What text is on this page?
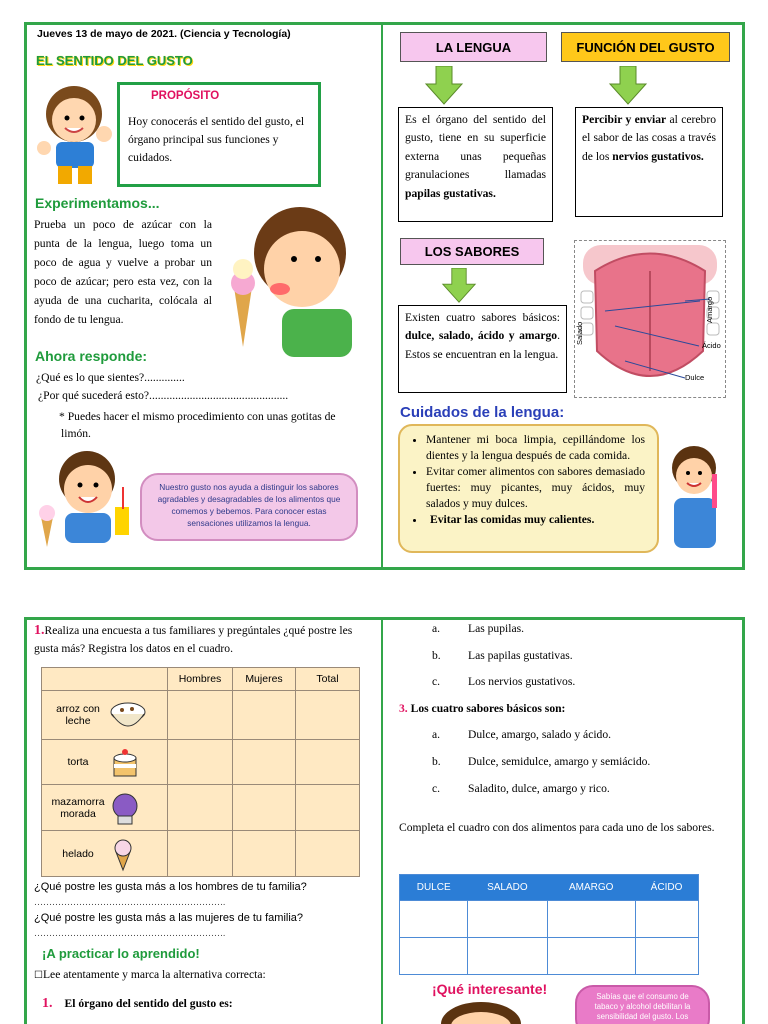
Jueves 13 de mayo de 2021. (Ciencia y Tecnología)
EL SENTIDO DEL GUSTO
PROPÓSITO
Hoy conocerás el sentido del gusto, el órgano principal sus funciones y cuidados.
Experimentamos...
Prueba un poco de azúcar con la punta de la lengua, luego toma un poco de agua y vuelve a probar un poco de azúcar; pero esta vez, con la ayuda de una cucharita, colócala al fondo de tu lengua.
Ahora responde:
¿Qué es lo que sientes?..............
¿Por qué sucederá esto?................................................
* Puedes hacer el mismo procedimiento con unas gotitas de limón.
Nuestro gusto nos ayuda a distinguir los sabores agradables y desagradables de los alimentos que comemos y bebemos. Para conocer estas sensaciones utilizamos la lengua.
LA LENGUA	FUNCIÓN DEL GUSTO
Es el órgano del sentido del gusto, tiene en su superficie externa unas pequeñas granulaciones llamadas papilas gustativas.
Percibir y enviar al cerebro el sabor de las cosas a través de los nervios gustativos.
LOS SABORES
Existen cuatro sabores básicos: dulce, salado, ácido y amargo. Estos se encuentran en la lengua.
Salado
Amargo
Ácido
Dulce
Cuidados de la lengua:
• Mantener mi boca limpia, cepillándome los dientes y la lengua después de cada comida.
• Evitar comer alimentos con sabores demasiado fuertes: muy picantes, muy ácidos, muy salados y muy dulces.
• Evitar las comidas muy calientes.
1.Realiza una encuesta a tus familiares y pregúntales ¿qué postre les gusta más? Registra los datos en el cuadro.
	Hombres	Mujeres	Total
arroz con leche			
torta			
mazamorra morada			
helado			
¿Qué postre les gusta más a los hombres de tu familia?
……………………………………………………….
¿Qué postre les gusta más a las mujeres de tu familia?
……………………………………………………….
¡A practicar lo aprendido!
☐Lee atentamente y marca la alternativa correcta:
1. El órgano del sentido del gusto es:
a. Las pupilas.
b. Las papilas gustativas.
c. Los nervios gustativos.
3. Los cuatro sabores básicos son:
a. Dulce, amargo, salado y ácido.
b. Dulce, semidulce, amargo y semiácido.
c. Saladito, dulce, amargo y rico.
Completa el cuadro con dos alimentos para cada uno de los sabores.
DULCE	SALADO	AMARGO	ÁCIDO

¡Qué interesante!	Sabías que el consumo de tabaco y alcohol debilitan la sensibilidad del gusto. Los
